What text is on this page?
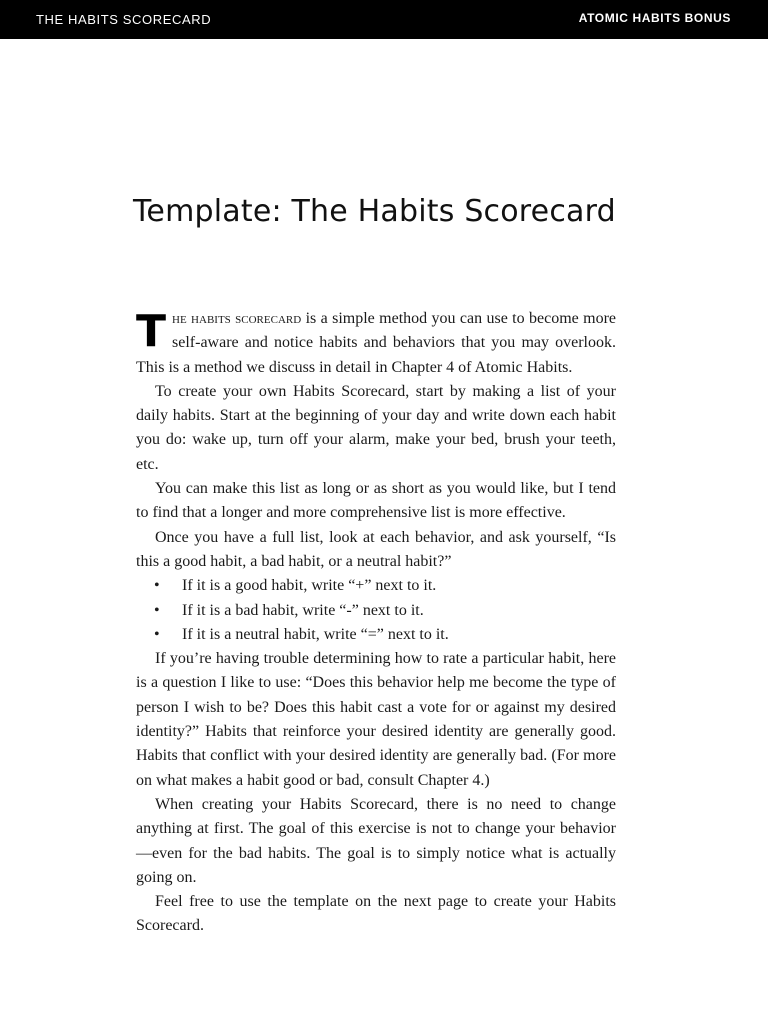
THE HABITS SCORECARD	ATOMIC HABITS BONUS
Template: The Habits Scorecard

The habits scorecard is a simple method you can use to become more self-aware and notice habits and behaviors that you may overlook. This is a method we discuss in detail in Chapter 4 of Atomic Habits.

To create your own Habits Scorecard, start by making a list of your daily habits. Start at the beginning of your day and write down each habit you do: wake up, turn off your alarm, make your bed, brush your teeth, etc.

You can make this list as long or as short as you would like, but I tend to find that a longer and more comprehensive list is more effective.

Once you have a full list, look at each behavior, and ask yourself, “Is this a good habit, a bad habit, or a neutral habit?”

• If it is a good habit, write “+” next to it.
• If it is a bad habit, write “-” next to it.
• If it is a neutral habit, write “=” next to it.

If you’re having trouble determining how to rate a particular habit, here is a question I like to use: “Does this behavior help me become the type of person I wish to be? Does this habit cast a vote for or against my desired identity?” Habits that reinforce your desired identity are generally good. Habits that conflict with your desired identity are generally bad. (For more on what makes a habit good or bad, consult Chapter 4.)

When creating your Habits Scorecard, there is no need to change anything at first. The goal of this exercise is not to change your behavior—even for the bad habits. The goal is to simply notice what is actually going on.

Feel free to use the template on the next page to create your Habits Scorecard.
